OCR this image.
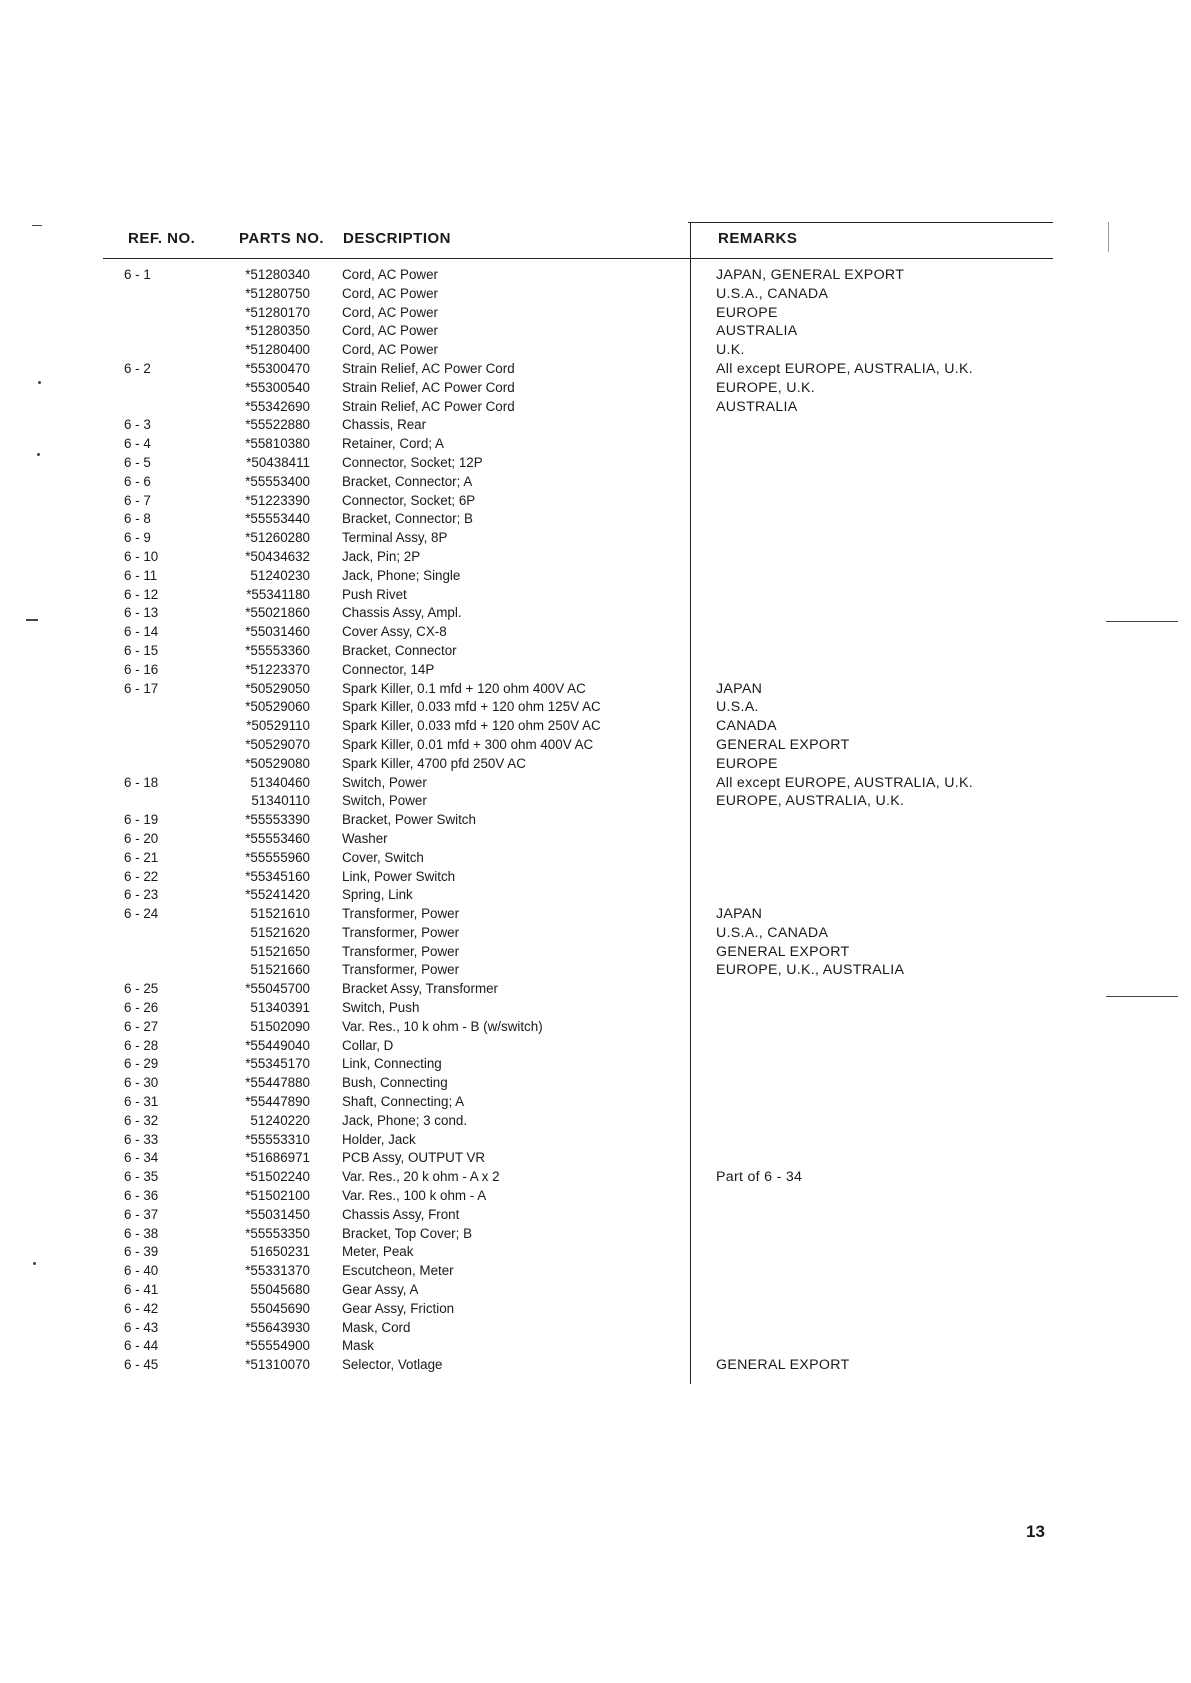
REF. NO.	PARTS NO. DESCRIPTION	REMARKS
6 - 1	*51280340 Cord, AC Power	JAPAN, GENERAL EXPORT
*51280750 Cord, AC Power	U.S.A., CANADA
*51280170 Cord, AC Power	EUROPE
*51280350 Cord, AC Power	AUSTRALIA
*51280400 Cord, AC Power	U.K.
6 - 2	*55300470 Strain Relief, AC Power Cord	All except EUROPE, AUSTRALIA, U.K.
*55300540 Strain Relief, AC Power Cord	EUROPE, U.K.
*55342690 Strain Relief, AC Power Cord	AUSTRALIA
6 - 3	*55522880 Chassis, Rear
6 - 4	*55810380 Retainer, Cord; A
6 - 5	*50438411 Connector, Socket; 12P
6 - 6	*55553400 Bracket, Connector; A
6 - 7	*51223390 Connector, Socket; 6P
6 - 8	*55553440 Bracket, Connector; B
6 - 9	*51260280 Terminal Assy, 8P
6 - 10	*50434632 Jack, Pin; 2P
6 - 11	51240230 Jack, Phone; Single
6 - 12	*55341180 Push Rivet
6 - 13	*55021860 Chassis Assy, Ampl.
6 - 14	*55031460 Cover Assy, CX-8
6 - 15	*55553360 Bracket, Connector
6 - 16	*51223370 Connector, 14P
6 - 17	*50529050 Spark Killer, 0.1 mfd + 120 ohm 400V AC	JAPAN
*50529060 Spark Killer, 0.033 mfd + 120 ohm 125V AC	U.S.A.
*50529110 Spark Killer, 0.033 mfd + 120 ohm 250V AC	CANADA
*50529070 Spark Killer, 0.01 mfd + 300 ohm 400V AC	GENERAL EXPORT
*50529080 Spark Killer, 4700 pfd 250V AC	EUROPE
6 - 18	51340460 Switch, Power	All except EUROPE, AUSTRALIA, U.K.
51340110 Switch, Power	EUROPE, AUSTRALIA, U.K.
6 - 19	*55553390 Bracket, Power Switch
6 - 20	*55553460 Washer
6 - 21	*55555960 Cover, Switch
6 - 22	*55345160 Link, Power Switch
6 - 23	*55241420 Spring, Link
6 - 24	51521610 Transformer, Power	JAPAN
51521620 Transformer, Power	U.S.A., CANADA
51521650 Transformer, Power	GENERAL EXPORT
51521660 Transformer, Power	EUROPE, U.K., AUSTRALIA
6 - 25	*55045700 Bracket Assy, Transformer
6 - 26	51340391 Switch, Push
6 - 27	51502090 Var. Res., 10 k ohm - B (w/switch)
6 - 28	*55449040 Collar, D
6 - 29	*55345170 Link, Connecting
6 - 30	*55447880 Bush, Connecting
6 - 31	*55447890 Shaft, Connecting; A
6 - 32	51240220 Jack, Phone; 3 cond.
6 - 33	*55553310 Holder, Jack
6 - 34	*51686971 PCB Assy, OUTPUT VR
6 - 35	*51502240 Var. Res., 20 k ohm - A x 2	Part of 6 - 34
6 - 36	*51502100 Var. Res., 100 k ohm - A
6 - 37	*55031450 Chassis Assy, Front
6 - 38	*55553350 Bracket, Top Cover; B
6 - 39	51650231 Meter, Peak
6 - 40	*55331370 Escutcheon, Meter
6 - 41	55045680 Gear Assy, A
6 - 42	55045690 Gear Assy, Friction
6 - 43	*55643930 Mask, Cord
6 - 44	*55554900 Mask
6 - 45	*51310070 Selector, Votlage	GENERAL EXPORT
13
